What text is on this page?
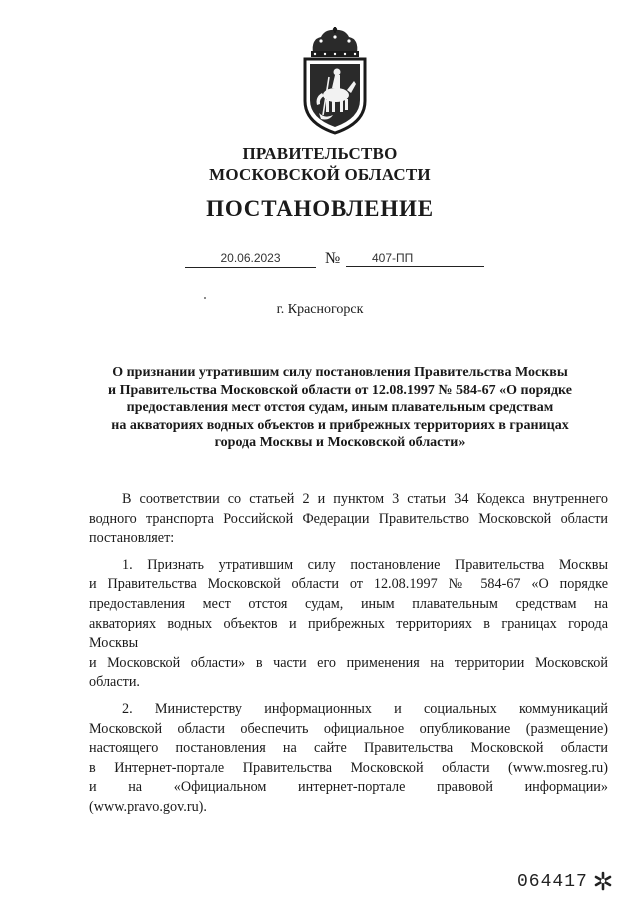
ПРАВИТЕЛЬСТВО
МОСКОВСКОЙ ОБЛАСТИ
ПОСТАНОВЛЕНИЕ
20.06.2023	№	407-ПП
г. Красногорск
О признании утратившим силу постановления Правительства Москвы
и Правительства Московской области от 12.08.1997 № 584-67 «О порядке
предоставления мест отстоя судам, иным плавательным средствам
на акваториях водных объектов и прибрежных территориях в границах
города Москвы и Московской области»
В соответствии со статьей 2 и пунктом 3 статьи 34 Кодекса внутреннего
водного транспорта Российской Федерации Правительство Московской области
постановляет:
1. Признать утратившим силу постановление Правительства Москвы
и Правительства Московской области от 12.08.1997 № 584-67 «О порядке
предоставления мест отстоя судам, иным плавательным средствам на
акваториях водных объектов и прибрежных территориях в границах города
Москвы
и Московской области» в части его применения на территории Московской
области.
2. Министерству информационных и социальных коммуникаций
Московской области обеспечить официальное опубликование (размещение)
настоящего постановления на сайте Правительства Московской области
в Интернет-портале Правительства Московской области (www.mosreg.ru)
и на «Официальном интернет-портале правовой информации»
(www.pravo.gov.ru).
064417
